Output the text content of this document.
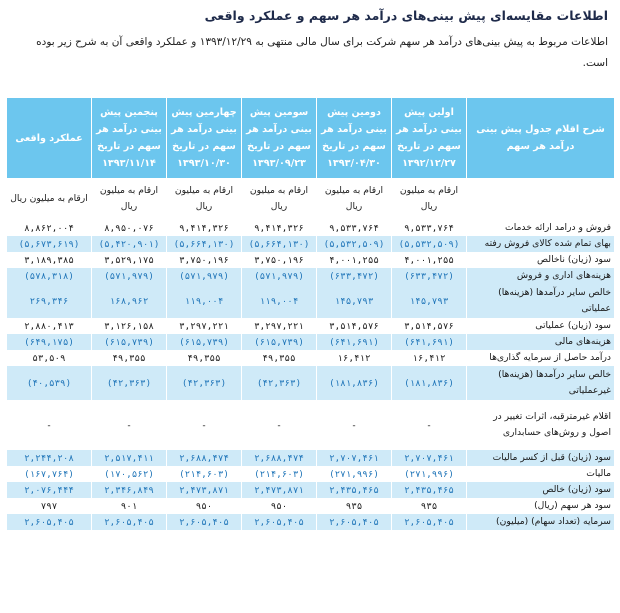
اطلاعات مقایسه‌ای پیش بینی‌های درآمد هر سهم و عملکرد واقعی
اطلاعات مربوط به پیش بینی‌های درآمد هر سهم شرکت برای سال مالی منتهی به ۱۳۹۳/۱۲/۲۹ و عملکرد واقعی آن به شرح زیر بوده است.
شرح اقلام جدول پیش بینی درآمد هر سهم	اولین پیش بینی درآمد هر سهم در تاریخ ۱۳۹۲/۱۲/۲۷	دومین پیش بینی درآمد هر سهم در تاریخ ۱۳۹۳/۰۴/۳۰	سومین پیش بینی درآمد هر سهم در تاریخ ۱۳۹۳/۰۹/۲۳	چهارمین پیش بینی درآمد هر سهم در تاریخ ۱۳۹۳/۱۰/۳۰	پنجمین پیش بینی درآمد هر سهم در تاریخ ۱۳۹۳/۱۱/۱۴	عملکرد واقعی
	ارقام به میلیون ریال	ارقام به میلیون ریال	ارقام به میلیون ریال	ارقام به میلیون ریال	ارقام به میلیون ریال	ارقام به میلیون ریال
فروش و درامد ارائه خدمات	۹,۵۳۳,۷۶۴	۹,۵۳۳,۷۶۴	۹,۴۱۴,۳۲۶	۹,۴۱۴,۳۲۶	۸,۹۵۰,۰۷۶	۸,۸۶۲,۰۰۴
بهای تمام شده کالای فروش رفته	(۵,۵۳۲,۵۰۹)	(۵,۵۳۲,۵۰۹)	(۵,۶۶۴,۱۳۰)	(۵,۶۶۴,۱۳۰)	(۵,۴۲۰,۹۰۱)	(۵,۶۷۳,۶۱۹)
سود (زیان) ناخالص	۴,۰۰۱,۲۵۵	۴,۰۰۱,۲۵۵	۳,۷۵۰,۱۹۶	۳,۷۵۰,۱۹۶	۳,۵۲۹,۱۷۵	۳,۱۸۹,۳۸۵
هزینه‌های اداری و فروش	(۶۳۳,۴۷۲)	(۶۳۳,۴۷۲)	(۵۷۱,۹۷۹)	(۵۷۱,۹۷۹)	(۵۷۱,۹۷۹)	(۵۷۸,۳۱۸)
خالص سایر درآمدها (هزینه‌ها) عملیاتی	۱۴۵,۷۹۳	۱۴۵,۷۹۳	۱۱۹,۰۰۴	۱۱۹,۰۰۴	۱۶۸,۹۶۲	۲۶۹,۳۴۶
سود (زیان) عملیاتی	۳,۵۱۴,۵۷۶	۳,۵۱۴,۵۷۶	۳,۲۹۷,۲۲۱	۳,۲۹۷,۲۲۱	۳,۱۲۶,۱۵۸	۲,۸۸۰,۴۱۳
هزینه‌های مالی	(۶۴۱,۶۹۱)	(۶۴۱,۶۹۱)	(۶۱۵,۷۳۹)	(۶۱۵,۷۳۹)	(۶۱۵,۷۳۹)	(۶۴۹,۱۷۵)
درآمد حاصل از سرمایه گذاری‌ها	۱۶,۴۱۲	۱۶,۴۱۲	۴۹,۳۵۵	۴۹,۳۵۵	۴۹,۳۵۵	۵۳,۵۰۹
خالص سایر درآمدها (هزینه‌ها) غیرعملیاتی	(۱۸۱,۸۳۶)	(۱۸۱,۸۳۶)	(۴۲,۳۶۳)	(۴۲,۳۶۳)	(۴۲,۳۶۳)	(۴۰,۵۳۹)
اقلام غیرمترقبه، اثرات تغییر در اصول و روش‌های حسابداری	-	-	-	-	-	-
سود (زیان) قبل از کسر مالیات	۲,۷۰۷,۴۶۱	۲,۷۰۷,۴۶۱	۲,۶۸۸,۴۷۴	۲,۶۸۸,۴۷۴	۲,۵۱۷,۴۱۱	۲,۲۴۴,۲۰۸
مالیات	(۲۷۱,۹۹۶)	(۲۷۱,۹۹۶)	(۲۱۴,۶۰۳)	(۲۱۴,۶۰۳)	(۱۷۰,۵۶۲)	(۱۶۷,۷۶۴)
سود (زیان) خالص	۲,۴۳۵,۴۶۵	۲,۴۳۵,۴۶۵	۲,۴۷۳,۸۷۱	۲,۴۷۳,۸۷۱	۲,۳۴۶,۸۴۹	۲,۰۷۶,۴۴۴
سود هر سهم (ریال)	۹۳۵	۹۳۵	۹۵۰	۹۵۰	۹۰۱	۷۹۷
سرمایه (تعداد سهام) (میلیون)	۲,۶۰۵,۴۰۵	۲,۶۰۵,۴۰۵	۲,۶۰۵,۴۰۵	۲,۶۰۵,۴۰۵	۲,۶۰۵,۴۰۵	۲,۶۰۵,۴۰۵
